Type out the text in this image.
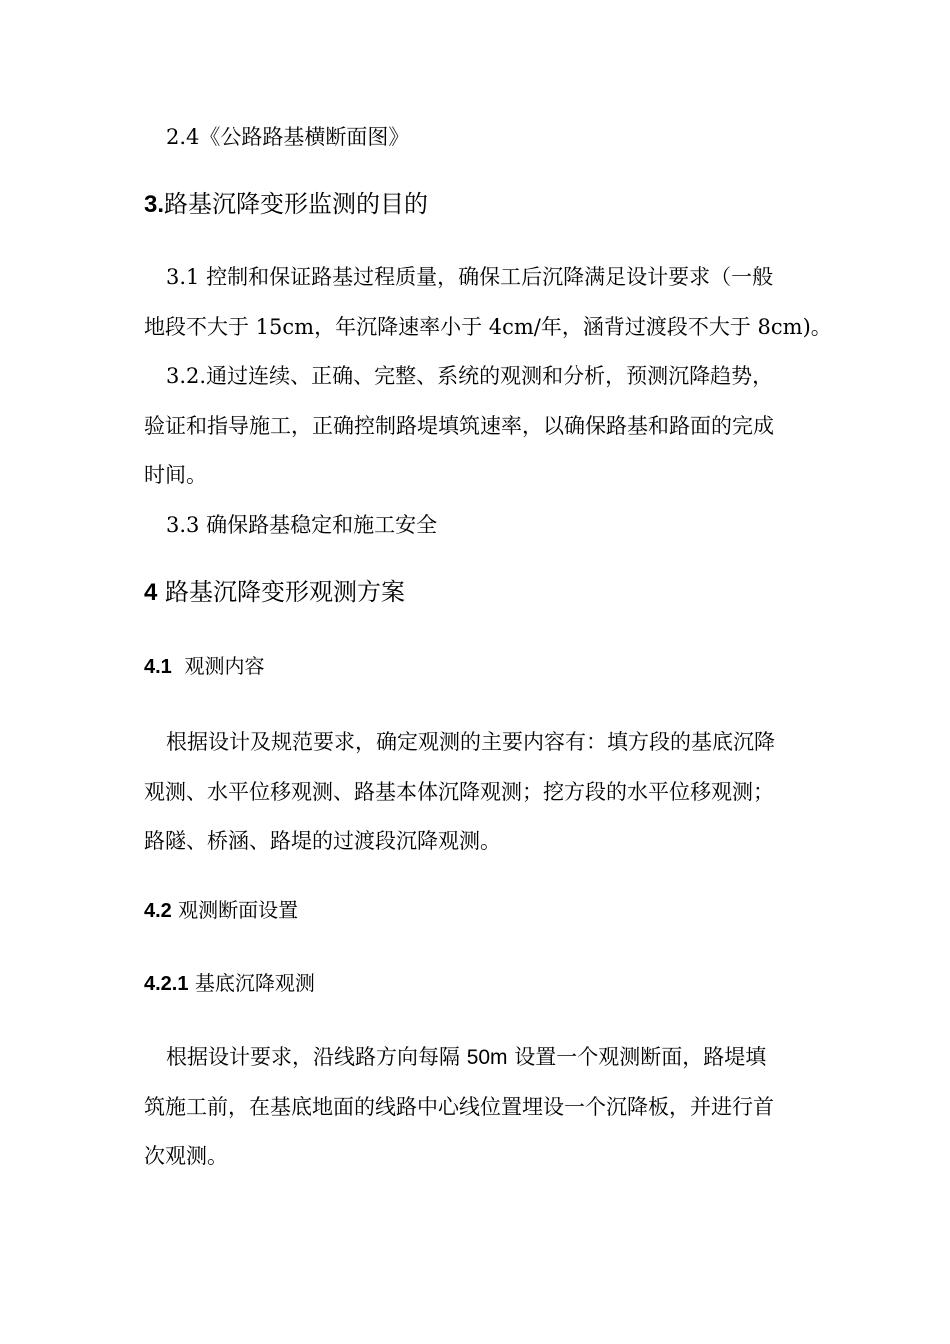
2.4《公路路基横断面图》
3.路基沉降变形监测的目的
3.1 控制和保证路基过程质量，确保工后沉降满足设计要求（一般
地段不大于 15cm，年沉降速率小于 4cm/年，涵背过渡段不大于 8cm)。
3.2.通过连续、正确、完整、系统的观测和分析，预测沉降趋势，
验证和指导施工，正确控制路堤填筑速率，以确保路基和路面的完成
时间。
3.3 确保路基稳定和施工安全
4 路基沉降变形观测方案
4.1  观测内容
根据设计及规范要求，确定观测的主要内容有：填方段的基底沉降
观测、水平位移观测、路基本体沉降观测；挖方段的水平位移观测；
路隧、桥涵、路堤的过渡段沉降观测。
4.2 观测断面设置
4.2.1 基底沉降观测
根据设计要求，沿线路方向每隔 50m 设置一个观测断面，路堤填
筑施工前，在基底地面的线路中心线位置埋设一个沉降板，并进行首
次观测。
